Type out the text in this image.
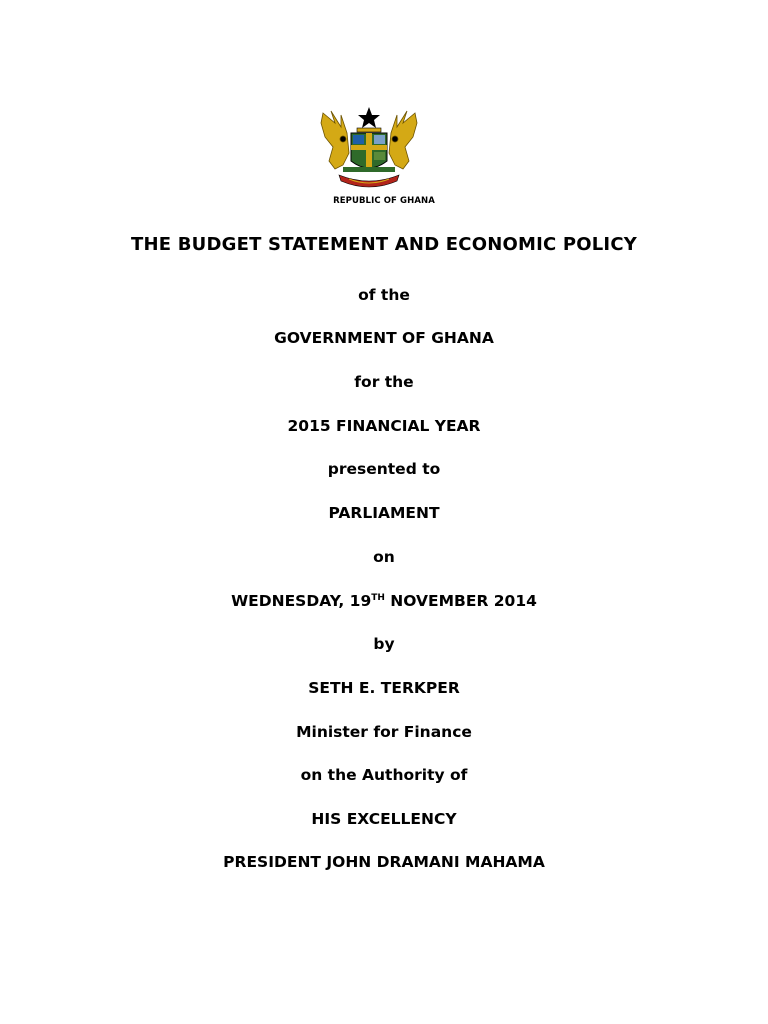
REPUBLIC OF GHANA
THE BUDGET STATEMENT AND ECONOMIC POLICY
of the
GOVERNMENT OF GHANA
for the
2015 FINANCIAL YEAR
presented to
PARLIAMENT
on
WEDNESDAY, 19TH NOVEMBER 2014
by
SETH E. TERKPER
Minister for Finance
on the Authority of
HIS EXCELLENCY
PRESIDENT JOHN DRAMANI MAHAMA
